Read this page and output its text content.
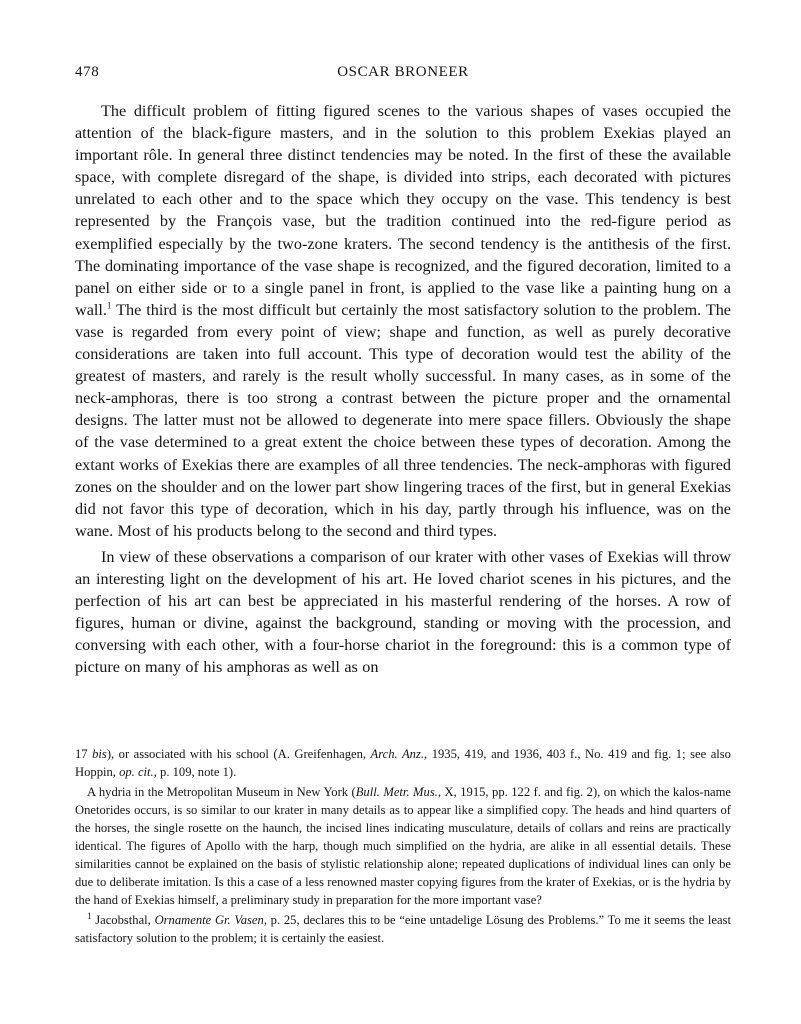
478	OSCAR BRONEER

The difficult problem of fitting figured scenes to the various shapes of vases occupied the attention of the black-figure masters, and in the solution to this problem Exekias played an important rôle. In general three distinct tendencies may be noted. In the first of these the available space, with complete disregard of the shape, is divided into strips, each decorated with pictures unrelated to each other and to the space which they occupy on the vase. This tendency is best represented by the François vase, but the tradition continued into the red-figure period as exemplified especially by the two-zone kraters. The second tendency is the antithesis of the first. The dominating importance of the vase shape is recognized, and the figured decoration, limited to a panel on either side or to a single panel in front, is applied to the vase like a painting hung on a wall.$^1$ The third is the most difficult but certainly the most satisfactory solution to the problem. The vase is regarded from every point of view; shape and function, as well as purely decorative considerations are taken into full account. This type of decoration would test the ability of the greatest of masters, and rarely is the result wholly successful. In many cases, as in some of the neck-amphoras, there is too strong a contrast between the picture proper and the ornamental designs. The latter must not be allowed to degenerate into mere space fillers. Obviously the shape of the vase determined to a great extent the choice between these types of decoration. Among the extant works of Exekias there are examples of all three tendencies. The neck-amphoras with figured zones on the shoulder and on the lower part show lingering traces of the first, but in general Exekias did not favor this type of decoration, which in his day, partly through his influence, was on the wane. Most of his products belong to the second and third types.

In view of these observations a comparison of our krater with other vases of Exekias will throw an interesting light on the development of his art. He loved chariot scenes in his pictures, and the perfection of his art can best be appreciated in his masterful rendering of the horses. A row of figures, human or divine, against the background, standing or moving with the procession, and conversing with each other, with a four-horse chariot in the foreground: this is a common type of picture on many of his amphoras as well as on

17 bis), or associated with his school (A. Greifenhagen, Arch. Anz., 1935, 419, and 1936, 403 f., No. 419 and fig. 1; see also Hoppin, op. cit., p. 109, note 1).

A hydria in the Metropolitan Museum in New York (Bull. Metr. Mus., X, 1915, pp. 122 f. and fig. 2), on which the kalos-name Onetorides occurs, is so similar to our krater in many details as to appear like a simplified copy. The heads and hind quarters of the horses, the single rosette on the haunch, the incised lines indicating musculature, details of collars and reins are practically identical. The figures of Apollo with the harp, though much simplified on the hydria, are alike in all essential details. These similarities cannot be explained on the basis of stylistic relationship alone; repeated duplications of individual lines can only be due to deliberate imitation. Is this a case of a less renowned master copying figures from the krater of Exekias, or is the hydria by the hand of Exekias himself, a preliminary study in preparation for the more important vase?

$^1$ Jacobsthal, Ornamente Gr. Vasen, p. 25, declares this to be “eine untadelige Lösung des Problems.” To me it seems the least satisfactory solution to the problem; it is certainly the easiest.
